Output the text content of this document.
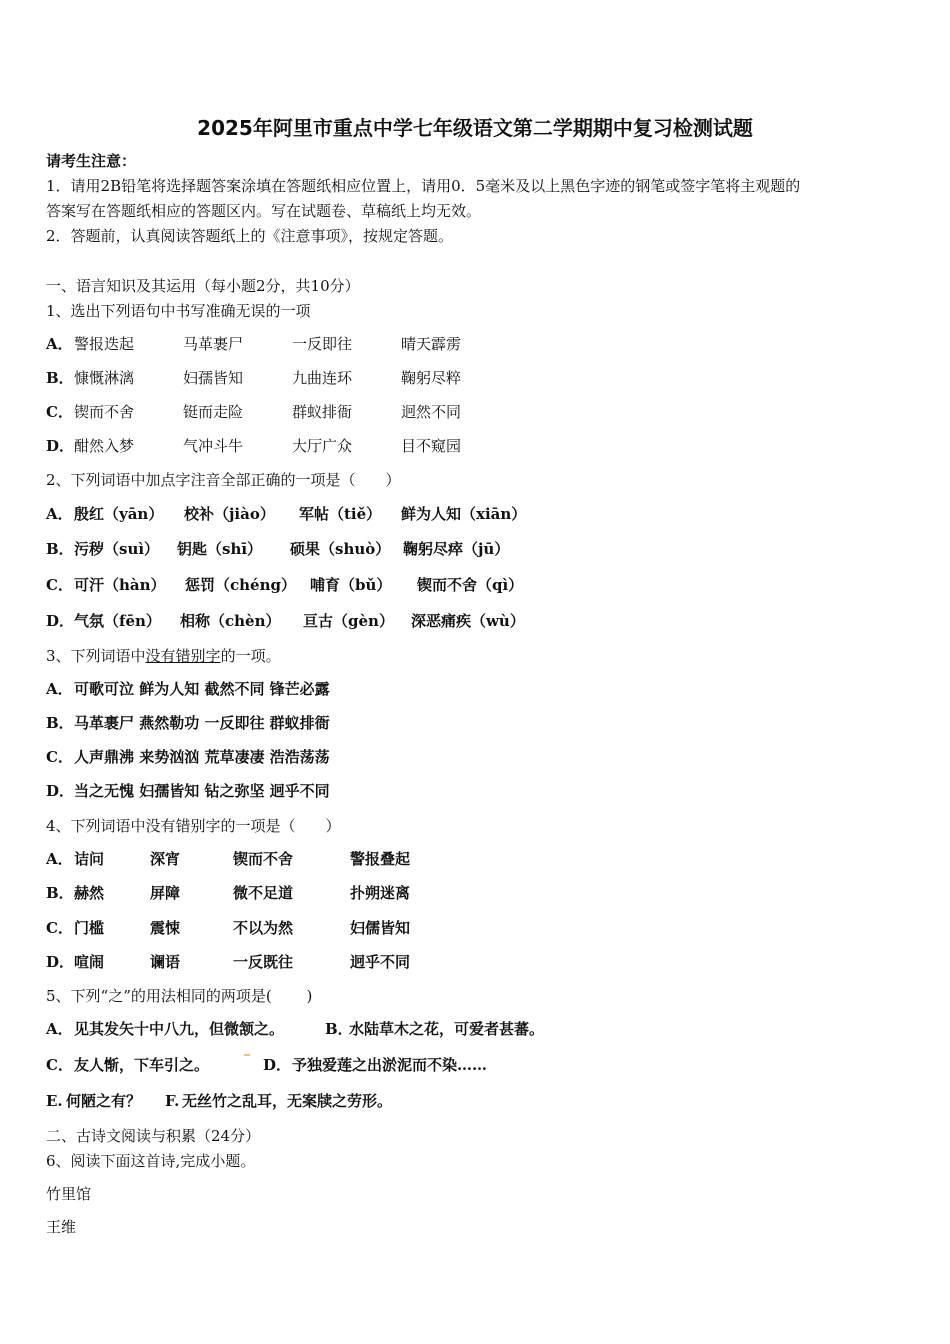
2025年阿里市重点中学七年级语文第二学期期中复习检测试题
请考生注意：
1．请用2B铅笔将选择题答案涂填在答题纸相应位置上，请用0．5毫米及以上黑色字迹的钢笔或签字笔将主观题的
答案写在答题纸相应的答题区内。写在试题卷、草稿纸上均无效。
2．答题前，认真阅读答题纸上的《注意事项》，按规定答题。
一、语言知识及其运用（每小题2分，共10分）
1、选出下列语句中书写准确无误的一项
A． 警报迭起	马革裹尸	一反即往	晴天霹雳
B． 慷慨淋漓	妇孺皆知	九曲连环	鞠躬尽粹
C． 锲而不舍	铤而走险	群蚁排衙	迥然不同
D． 酣然入梦	气冲斗牛	大厅广众	目不窥园
2、下列词语中加点字注音全部正确的一项是（　　）
A． 殷红（yān） 校补（jiào） 军帖（tiě） 鲜为人知（xiān）
B． 污秽（suì） 钥匙（shī） 硕果（shuò） 鞠躬尽瘁（jū）
C． 可汗（hàn） 惩罚（chéng） 哺育（bǔ） 锲而不舍（qì）
D． 气氛（fēn） 相称（chèn） 亘古（gèn） 深恶痛疾（wù）
3、下列词语中没有错别字的一项。
A． 可歌可泣 鲜为人知 截然不同 锋芒必露
B． 马革裹尸 燕然勒功 一反即往 群蚁排衙
C． 人声鼎沸 来势汹汹 荒草凄凄 浩浩荡荡
D． 当之无愧 妇孺皆知 钻之弥坚 迥乎不同
4、下列词语中没有错别字的一项是（　　）
A． 诘问	深宵	锲而不舍	警报叠起
B． 赫然	屏障	微不足道	扑朔迷离
C． 门槛	震悚	不以为然	妇儒皆知
D． 喧闹	谰语	一反既往	迥乎不同
5、下列“之”的用法相同的两项是(　　 )
A． 见其发矢十中八九，但微颔之。	B．
水陆草木之花，可爱者甚蕃。
C． 友人惭，下车引之。	D． 予独爱莲之出淤泥而不染……
E. 何陋之有？ F. 无丝竹之乱耳，无案牍之劳形。
二、古诗文阅读与积累（24分）
6、阅读下面这首诗,完成小题。
竹里馆
王维
